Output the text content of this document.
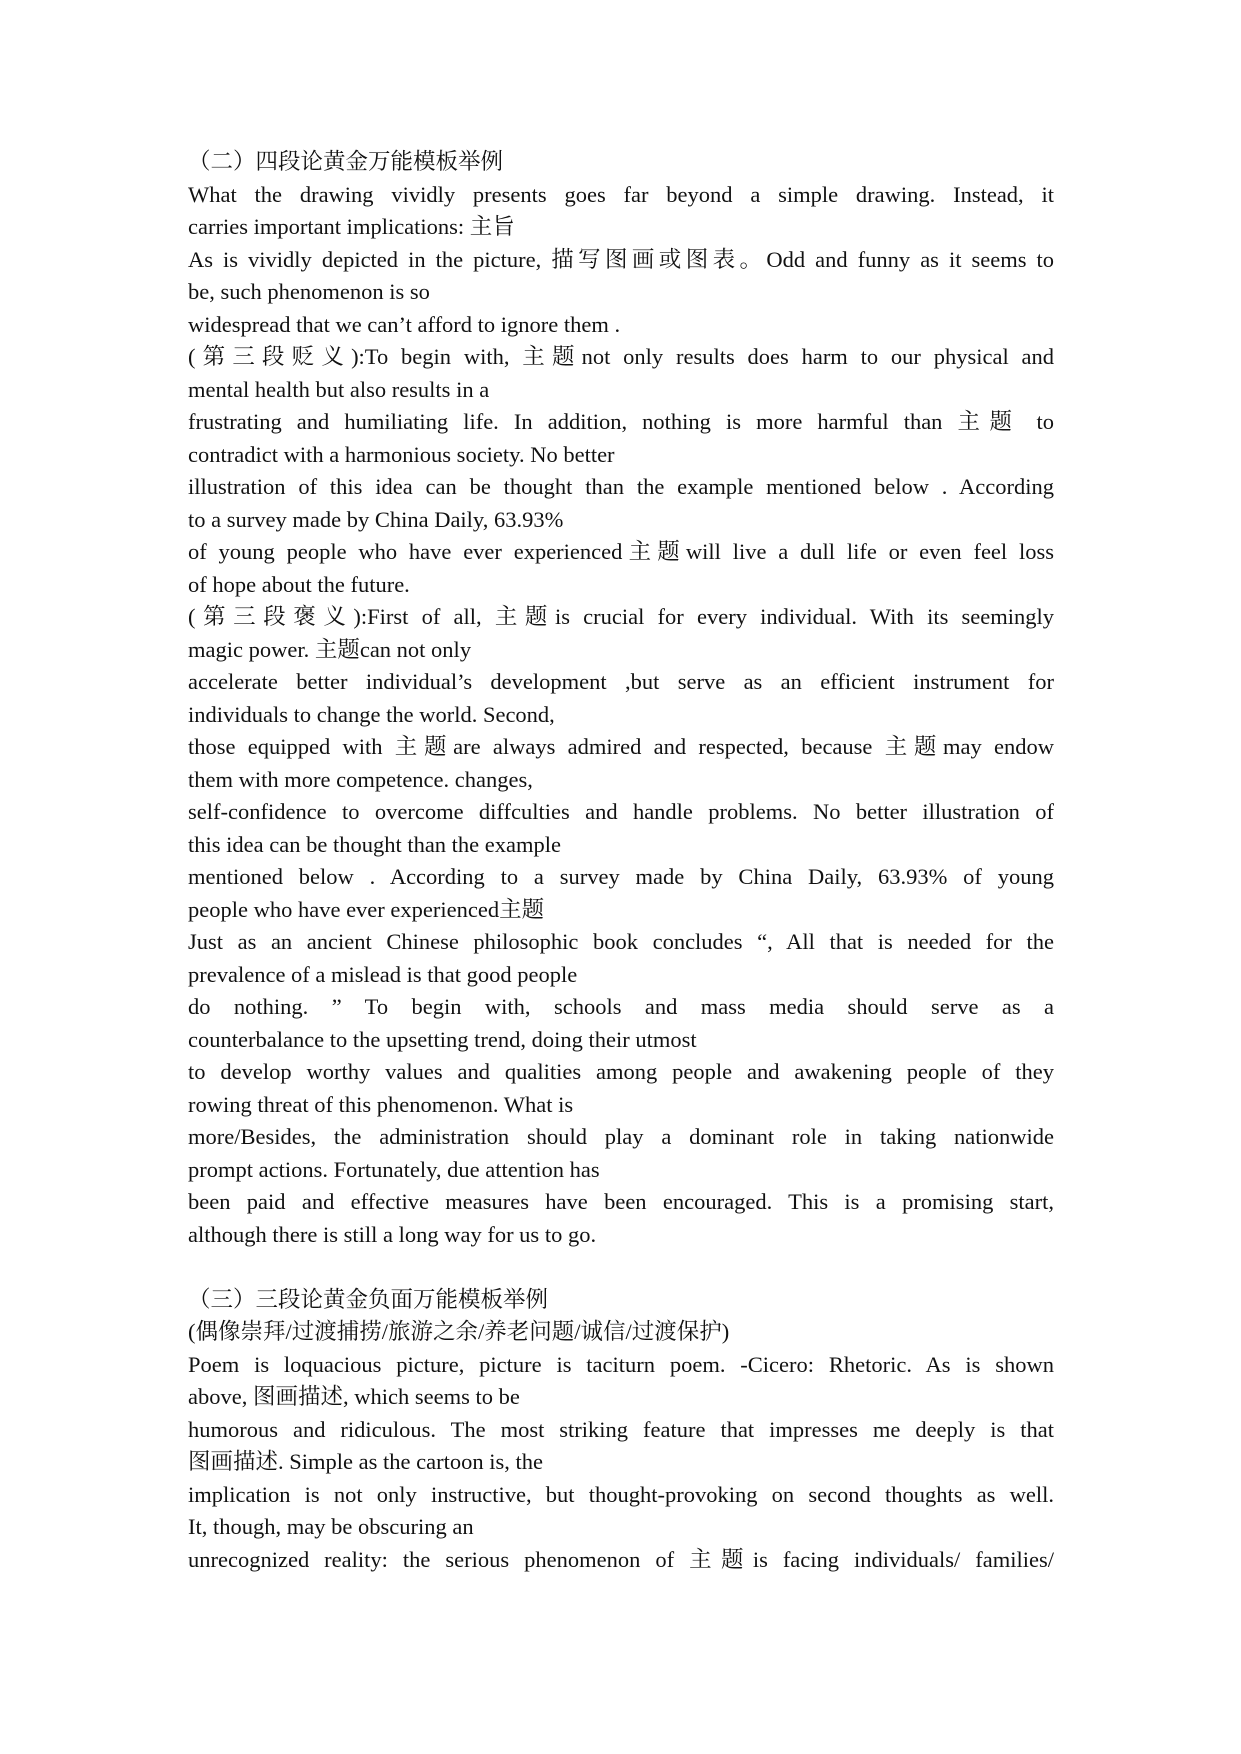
（二）四段论黄金万能模板举例
What the drawing vividly presents goes far beyond a simple drawing. Instead, it
carries important implications: 主旨
As is vividly depicted in the picture, 描写图画或图表。Odd and funny as it seems to
be, such phenomenon is so
widespread that we can’t afford to ignore them .
(第三段贬义):To begin with, 主题not only results does harm to our physical and
mental health but also results in a
frustrating and humiliating life. In addition, nothing is more harmful than 主题 to
contradict with a harmonious society. No better
illustration of this idea can be thought than the example mentioned below . According
to a survey made by China Daily, 63.93%
of young people who have ever experienced主题will live a dull life or even feel loss
of hope about the future.
(第三段褒义):First of all, 主题is crucial for every individual. With its seemingly
magic power. 主题can not only
accelerate better individual’s development ,but serve as an efficient instrument for
individuals to change the world. Second,
those equipped with 主题are always admired and respected, because 主题may endow
them with more competence. changes,
self-confidence to overcome diffculties and handle problems. No better illustration of
this idea can be thought than the example
mentioned below . According to a survey made by China Daily, 63.93% of young
people who have ever experienced主题
Just as an ancient Chinese philosophic book concludes “, All that is needed for the
prevalence of a mislead is that good people
do nothing. ” To begin with, schools and mass media should serve as a
counterbalance to the upsetting trend, doing their utmost
to develop worthy values and qualities among people and awakening people of they
rowing threat of this phenomenon. What is
more/Besides, the administration should play a dominant role in taking nationwide
prompt actions. Fortunately, due attention has
been paid and effective measures have been encouraged. This is a promising start,
although there is still a long way for us to go.
（三）三段论黄金负面万能模板举例
(偶像崇拜/过渡捕捞/旅游之余/养老问题/诚信/过渡保护)
Poem is loquacious picture, picture is taciturn poem. -Cicero: Rhetoric. As is shown
above, 图画描述, which seems to be
humorous and ridiculous. The most striking feature that impresses me deeply is that
图画描述. Simple as the cartoon is, the
implication is not only instructive, but thought-provoking on second thoughts as well.
It, though, may be obscuring an
unrecognized reality: the serious phenomenon of 主题is facing individuals/ families/
